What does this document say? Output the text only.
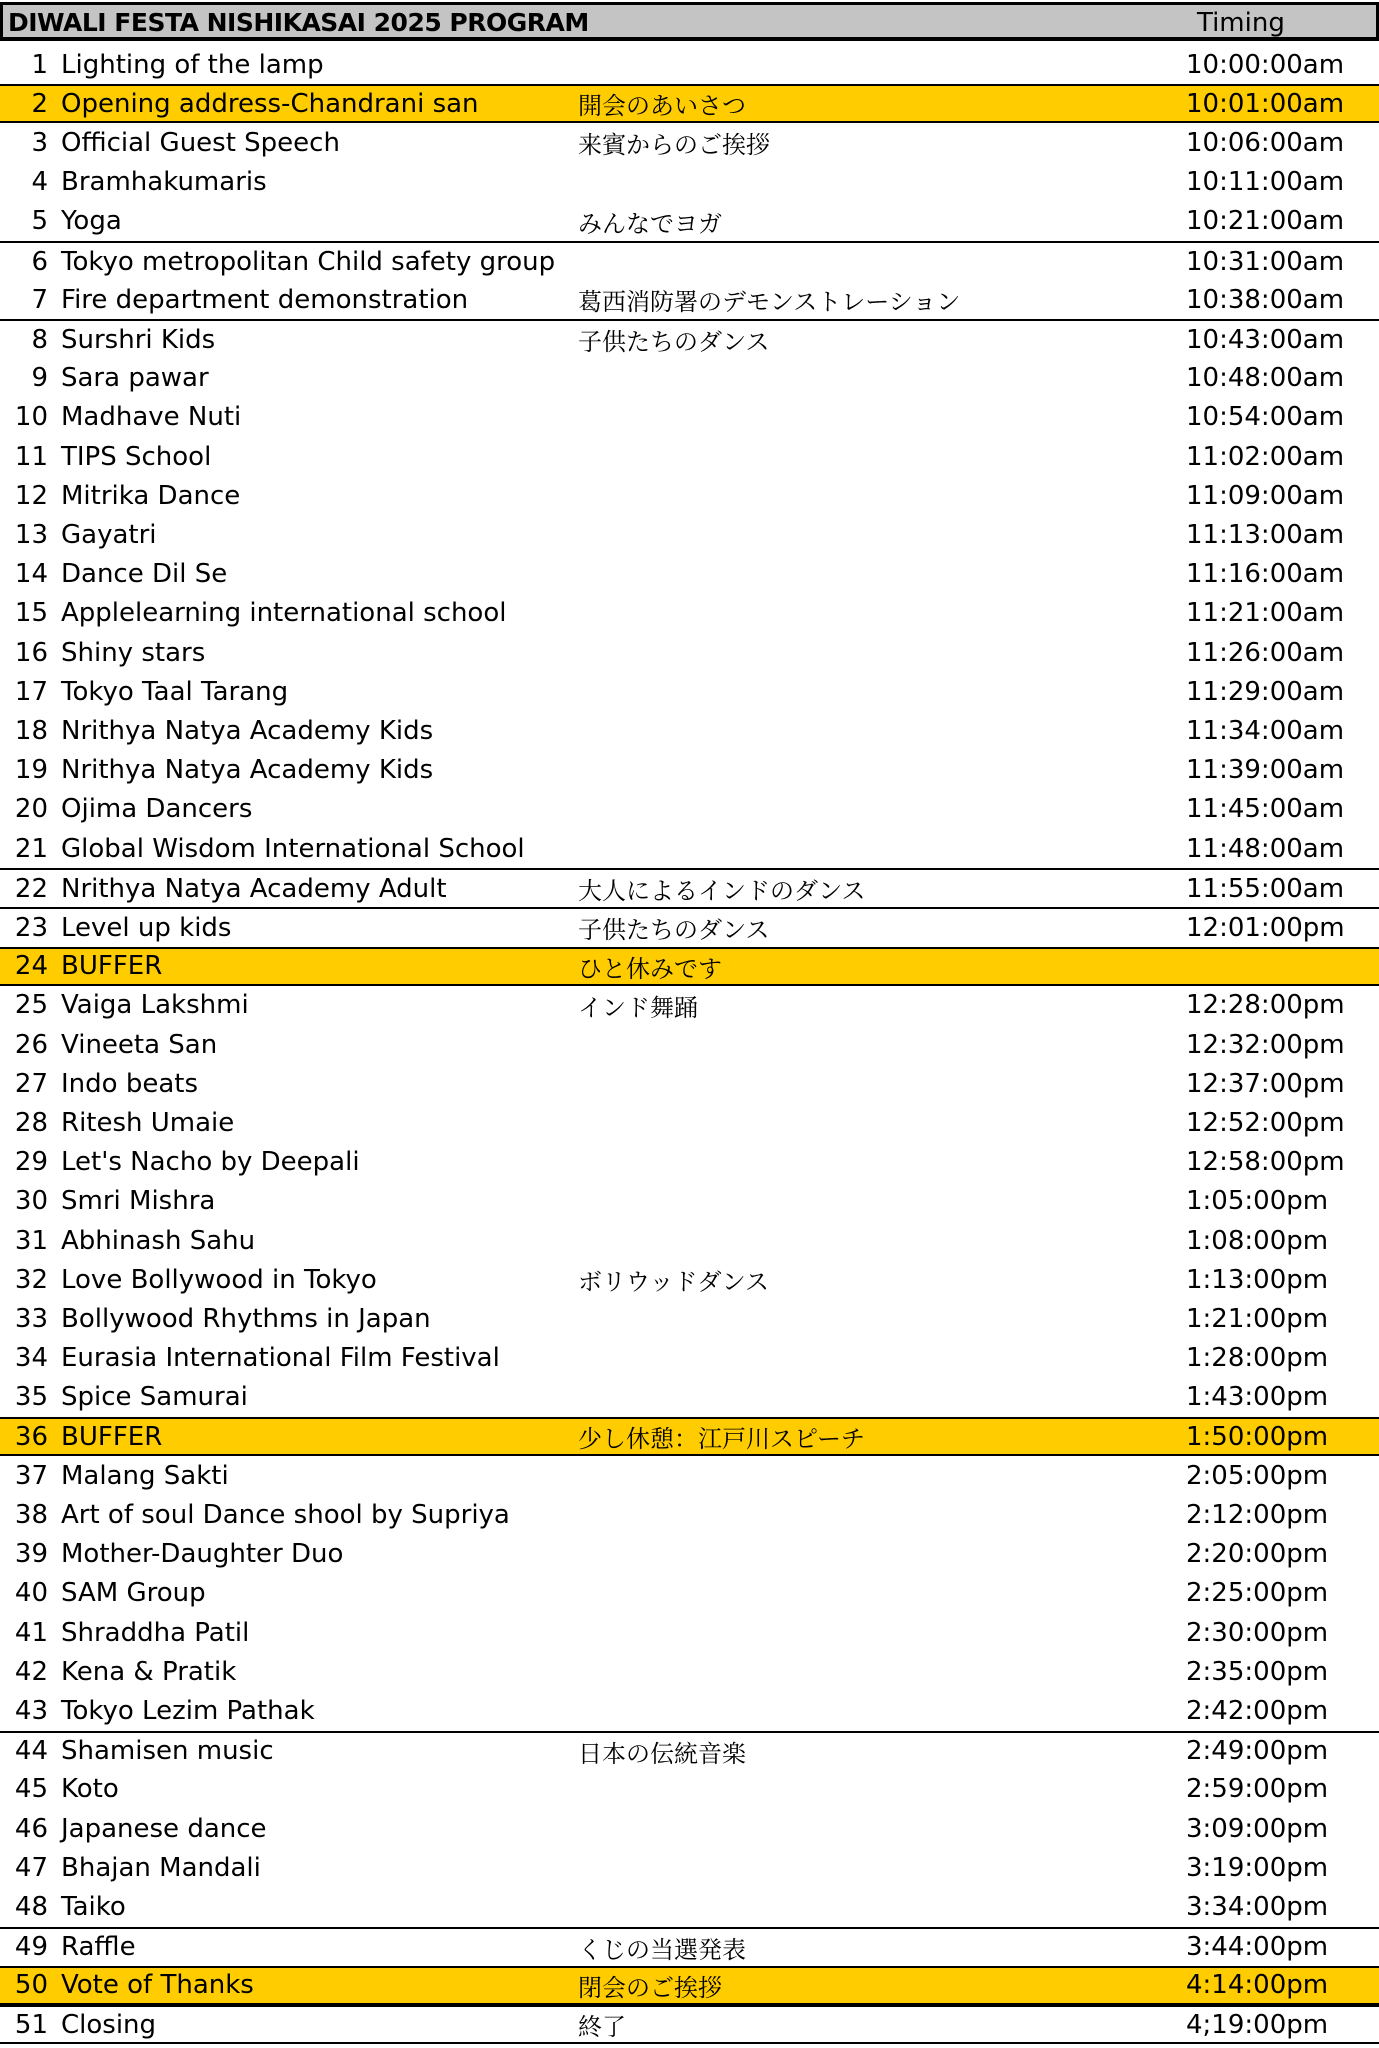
DIWALI FESTA NISHIKASAI 2025 PROGRAM	Timing
1 Lighting of the lamp	10:00:00am
2 Opening address-Chandrani san	開会のあいさつ	10:01:00am
3 Official Guest Speech	来賓からのご挨拶	10:06:00am
4 Bramhakumaris	10:11:00am
5 Yoga	みんなでヨガ	10:21:00am
6 Tokyo metropolitan Child safety group	10:31:00am
7 Fire department demonstration	葛西消防署のデモンストレーション	10:38:00am
8 Surshri Kids	子供たちのダンス	10:43:00am
9 Sara pawar	10:48:00am
10 Madhave Nuti	10:54:00am
11 TIPS School	11:02:00am
12 Mitrika Dance	11:09:00am
13 Gayatri	11:13:00am
14 Dance Dil Se	11:16:00am
15 Applelearning international school	11:21:00am
16 Shiny stars	11:26:00am
17 Tokyo Taal Tarang	11:29:00am
18 Nrithya Natya Academy Kids	11:34:00am
19 Nrithya Natya Academy Kids	11:39:00am
20 Ojima Dancers	11:45:00am
21 Global Wisdom International School	11:48:00am
22 Nrithya Natya Academy Adult	大人によるインドのダンス	11:55:00am
23 Level up kids	子供たちのダンス	12:01:00pm
24 BUFFER	ひと休みです
25 Vaiga Lakshmi	インド舞踊	12:28:00pm
26 Vineeta San	12:32:00pm
27 Indo beats	12:37:00pm
28 Ritesh Umaie	12:52:00pm
29 Let's Nacho by Deepali	12:58:00pm
30 Smri Mishra	1:05:00pm
31 Abhinash Sahu	1:08:00pm
32 Love Bollywood in Tokyo	ボリウッドダンス	1:13:00pm
33 Bollywood Rhythms in Japan	1:21:00pm
34 Eurasia International Film Festival	1:28:00pm
35 Spice Samurai	1:43:00pm
36 BUFFER	少し休憩：江戸川スピーチ	1:50:00pm
37 Malang Sakti	2:05:00pm
38 Art of soul Dance shool by Supriya	2:12:00pm
39 Mother-Daughter Duo	2:20:00pm
40 SAM Group	2:25:00pm
41 Shraddha Patil	2:30:00pm
42 Kena & Pratik	2:35:00pm
43 Tokyo Lezim Pathak	2:42:00pm
44 Shamisen music	日本の伝統音楽	2:49:00pm
45 Koto	2:59:00pm
46 Japanese dance	3:09:00pm
47 Bhajan Mandali	3:19:00pm
48 Taiko	3:34:00pm
49 Raffle	くじの当選発表	3:44:00pm
50 Vote of Thanks	閉会のご挨拶	4:14:00pm
51 Closing	終了	4;19:00pm
